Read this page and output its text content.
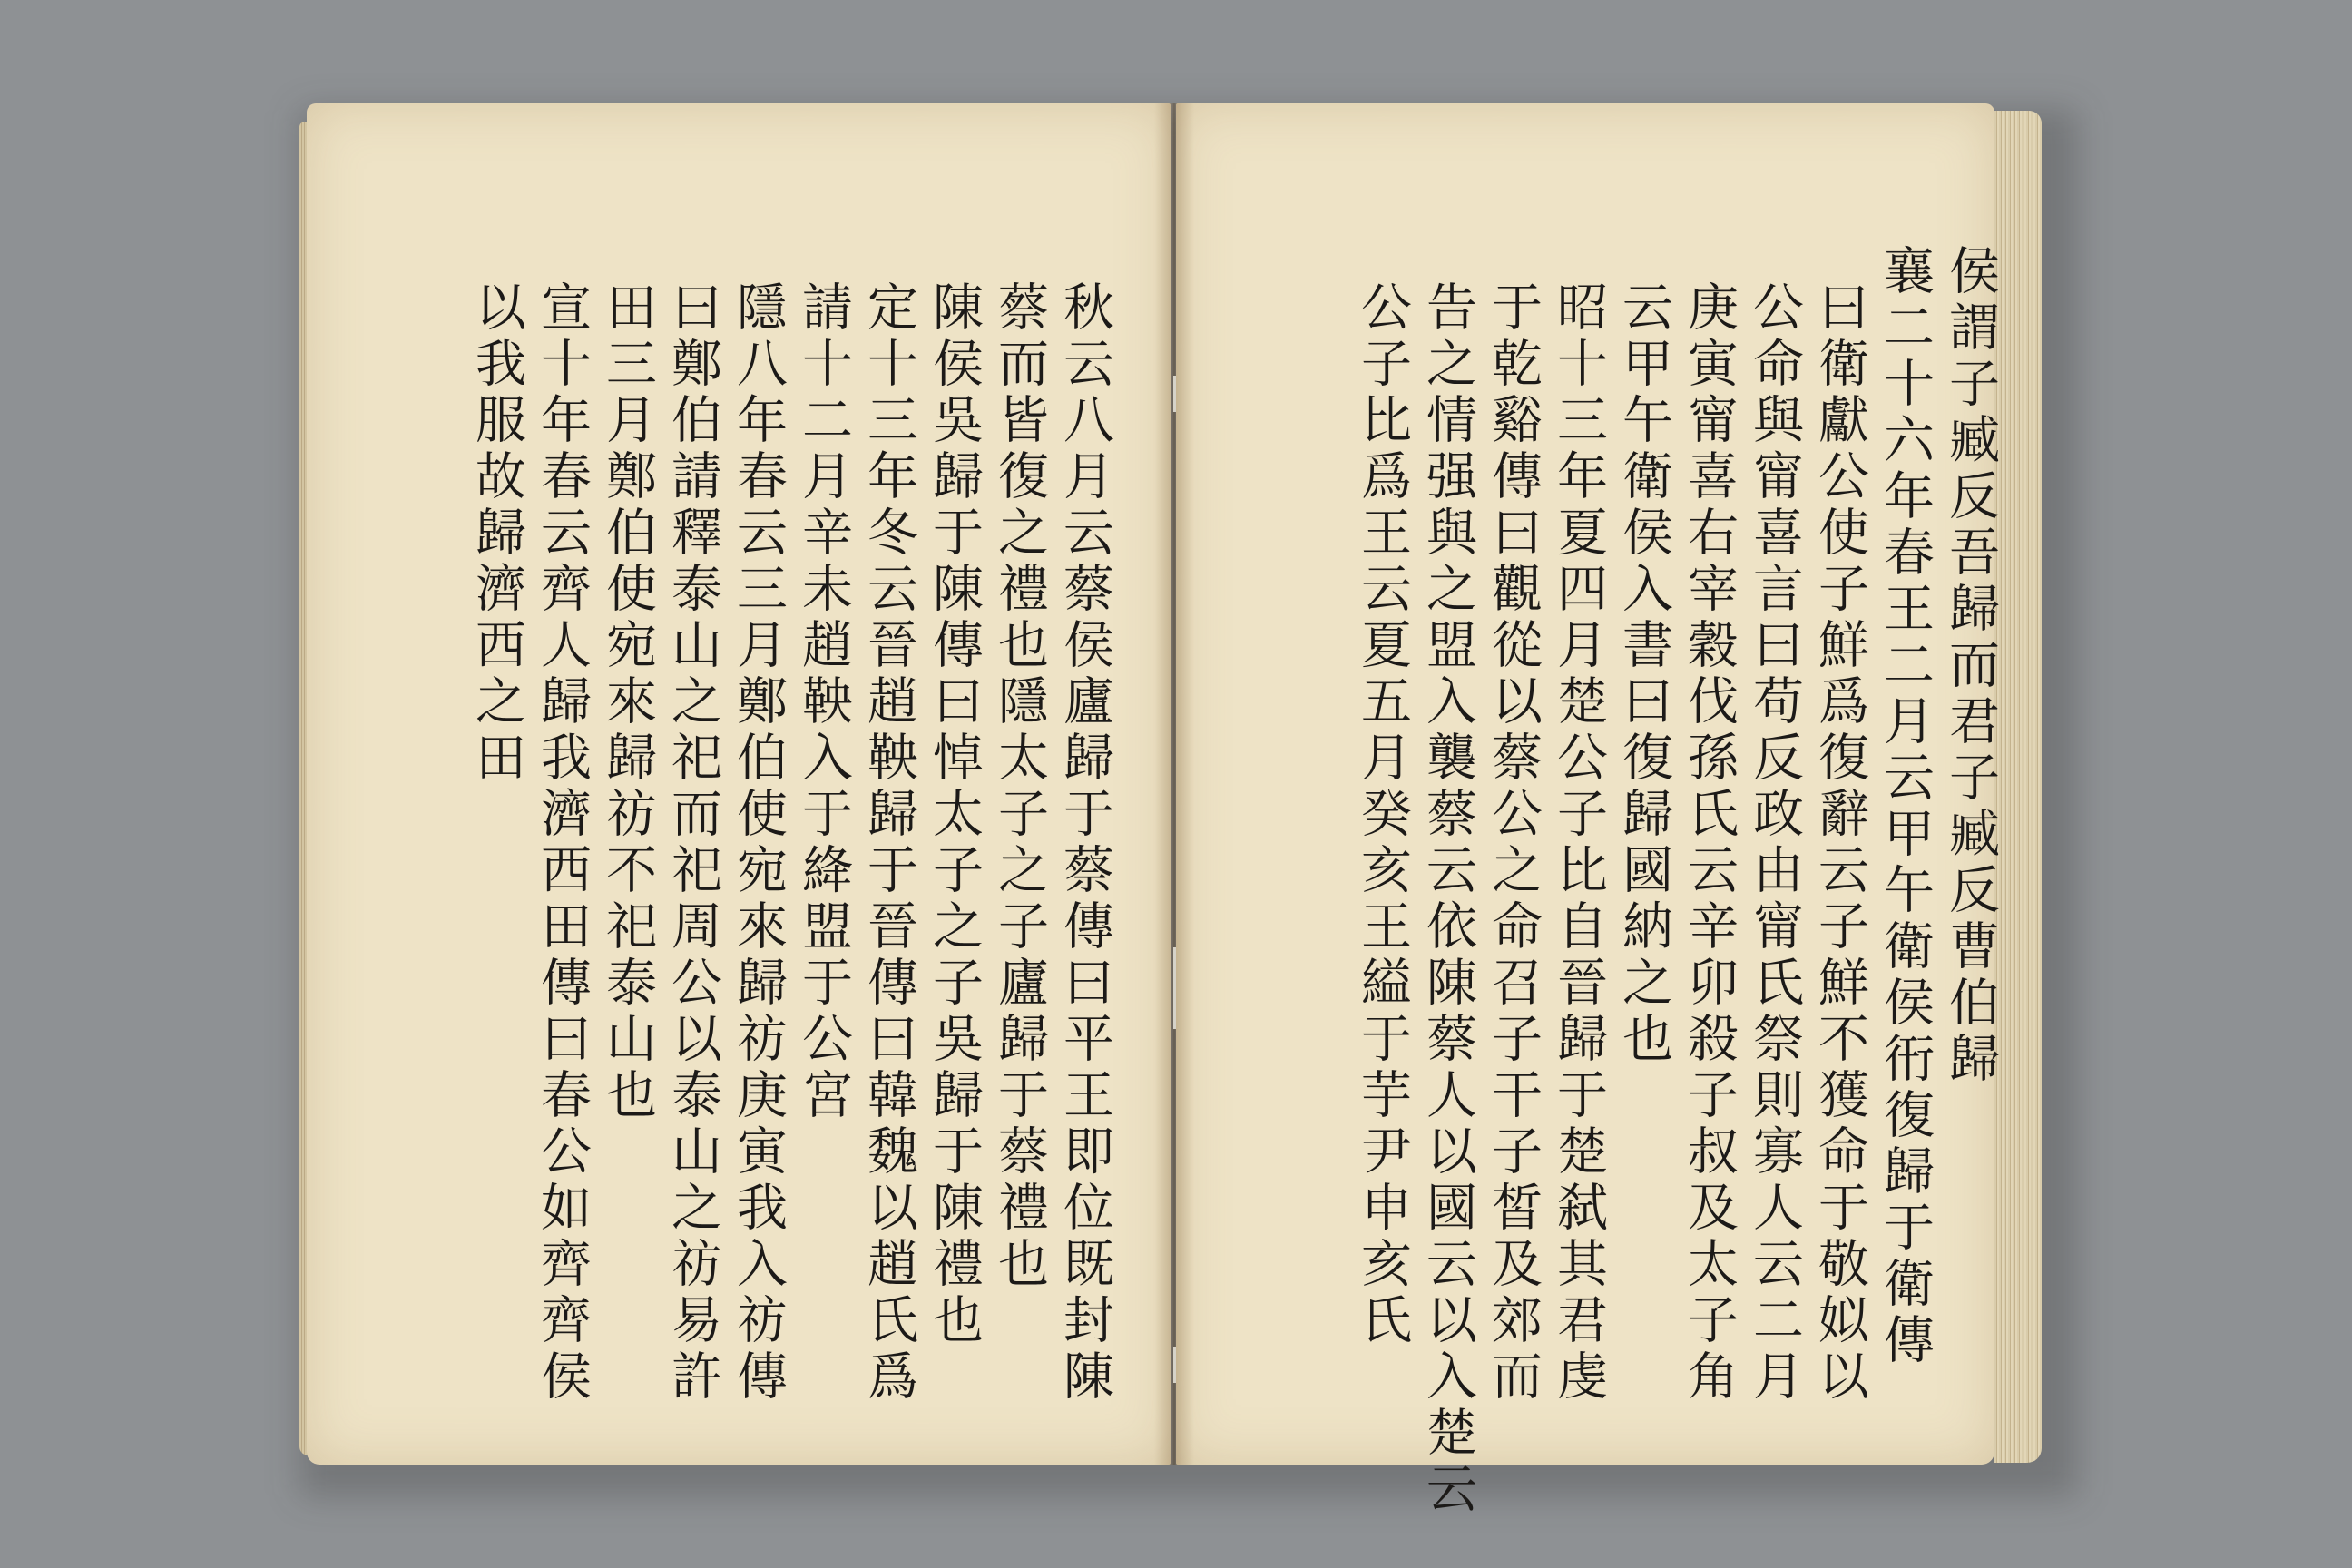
侯謂子臧反吾歸而君子臧反曹伯歸
襄二十六年春王二月云甲午衛侯衎復歸于衛傳
曰衛獻公使子鮮爲復辭云子鮮不獲命于敬姒以
公命與甯喜言曰苟反政由甯氏祭則寡人云二月
庚寅甯喜右宰穀伐孫氏云辛卯殺子叔及太子角
云甲午衛侯入書曰復歸國納之也
昭十三年夏四月楚公子比自晉歸于楚弑其君虔
于乾谿傳曰觀從以蔡公之命召子干子皙及郊而
告之情强與之盟入襲蔡云依陳蔡人以國云以入楚云
公子比爲王云夏五月癸亥王縊于芋尹申亥氏
秋云八月云蔡侯廬歸于蔡傳曰平王即位既封陳
蔡而皆復之禮也隱太子之子廬歸于蔡禮也
陳侯吳歸于陳傳曰悼太子之子吳歸于陳禮也
定十三年冬云晉趙鞅歸于晉傳曰韓魏以趙氏爲
請十二月辛未趙鞅入于絳盟于公宮
隱八年春云三月鄭伯使宛來歸祊庚寅我入祊傳
曰鄭伯請釋泰山之祀而祀周公以泰山之祊易許
田三月鄭伯使宛來歸祊不祀泰山也
宣十年春云齊人歸我濟西田傳曰春公如齊齊侯
以我服故歸濟西之田
